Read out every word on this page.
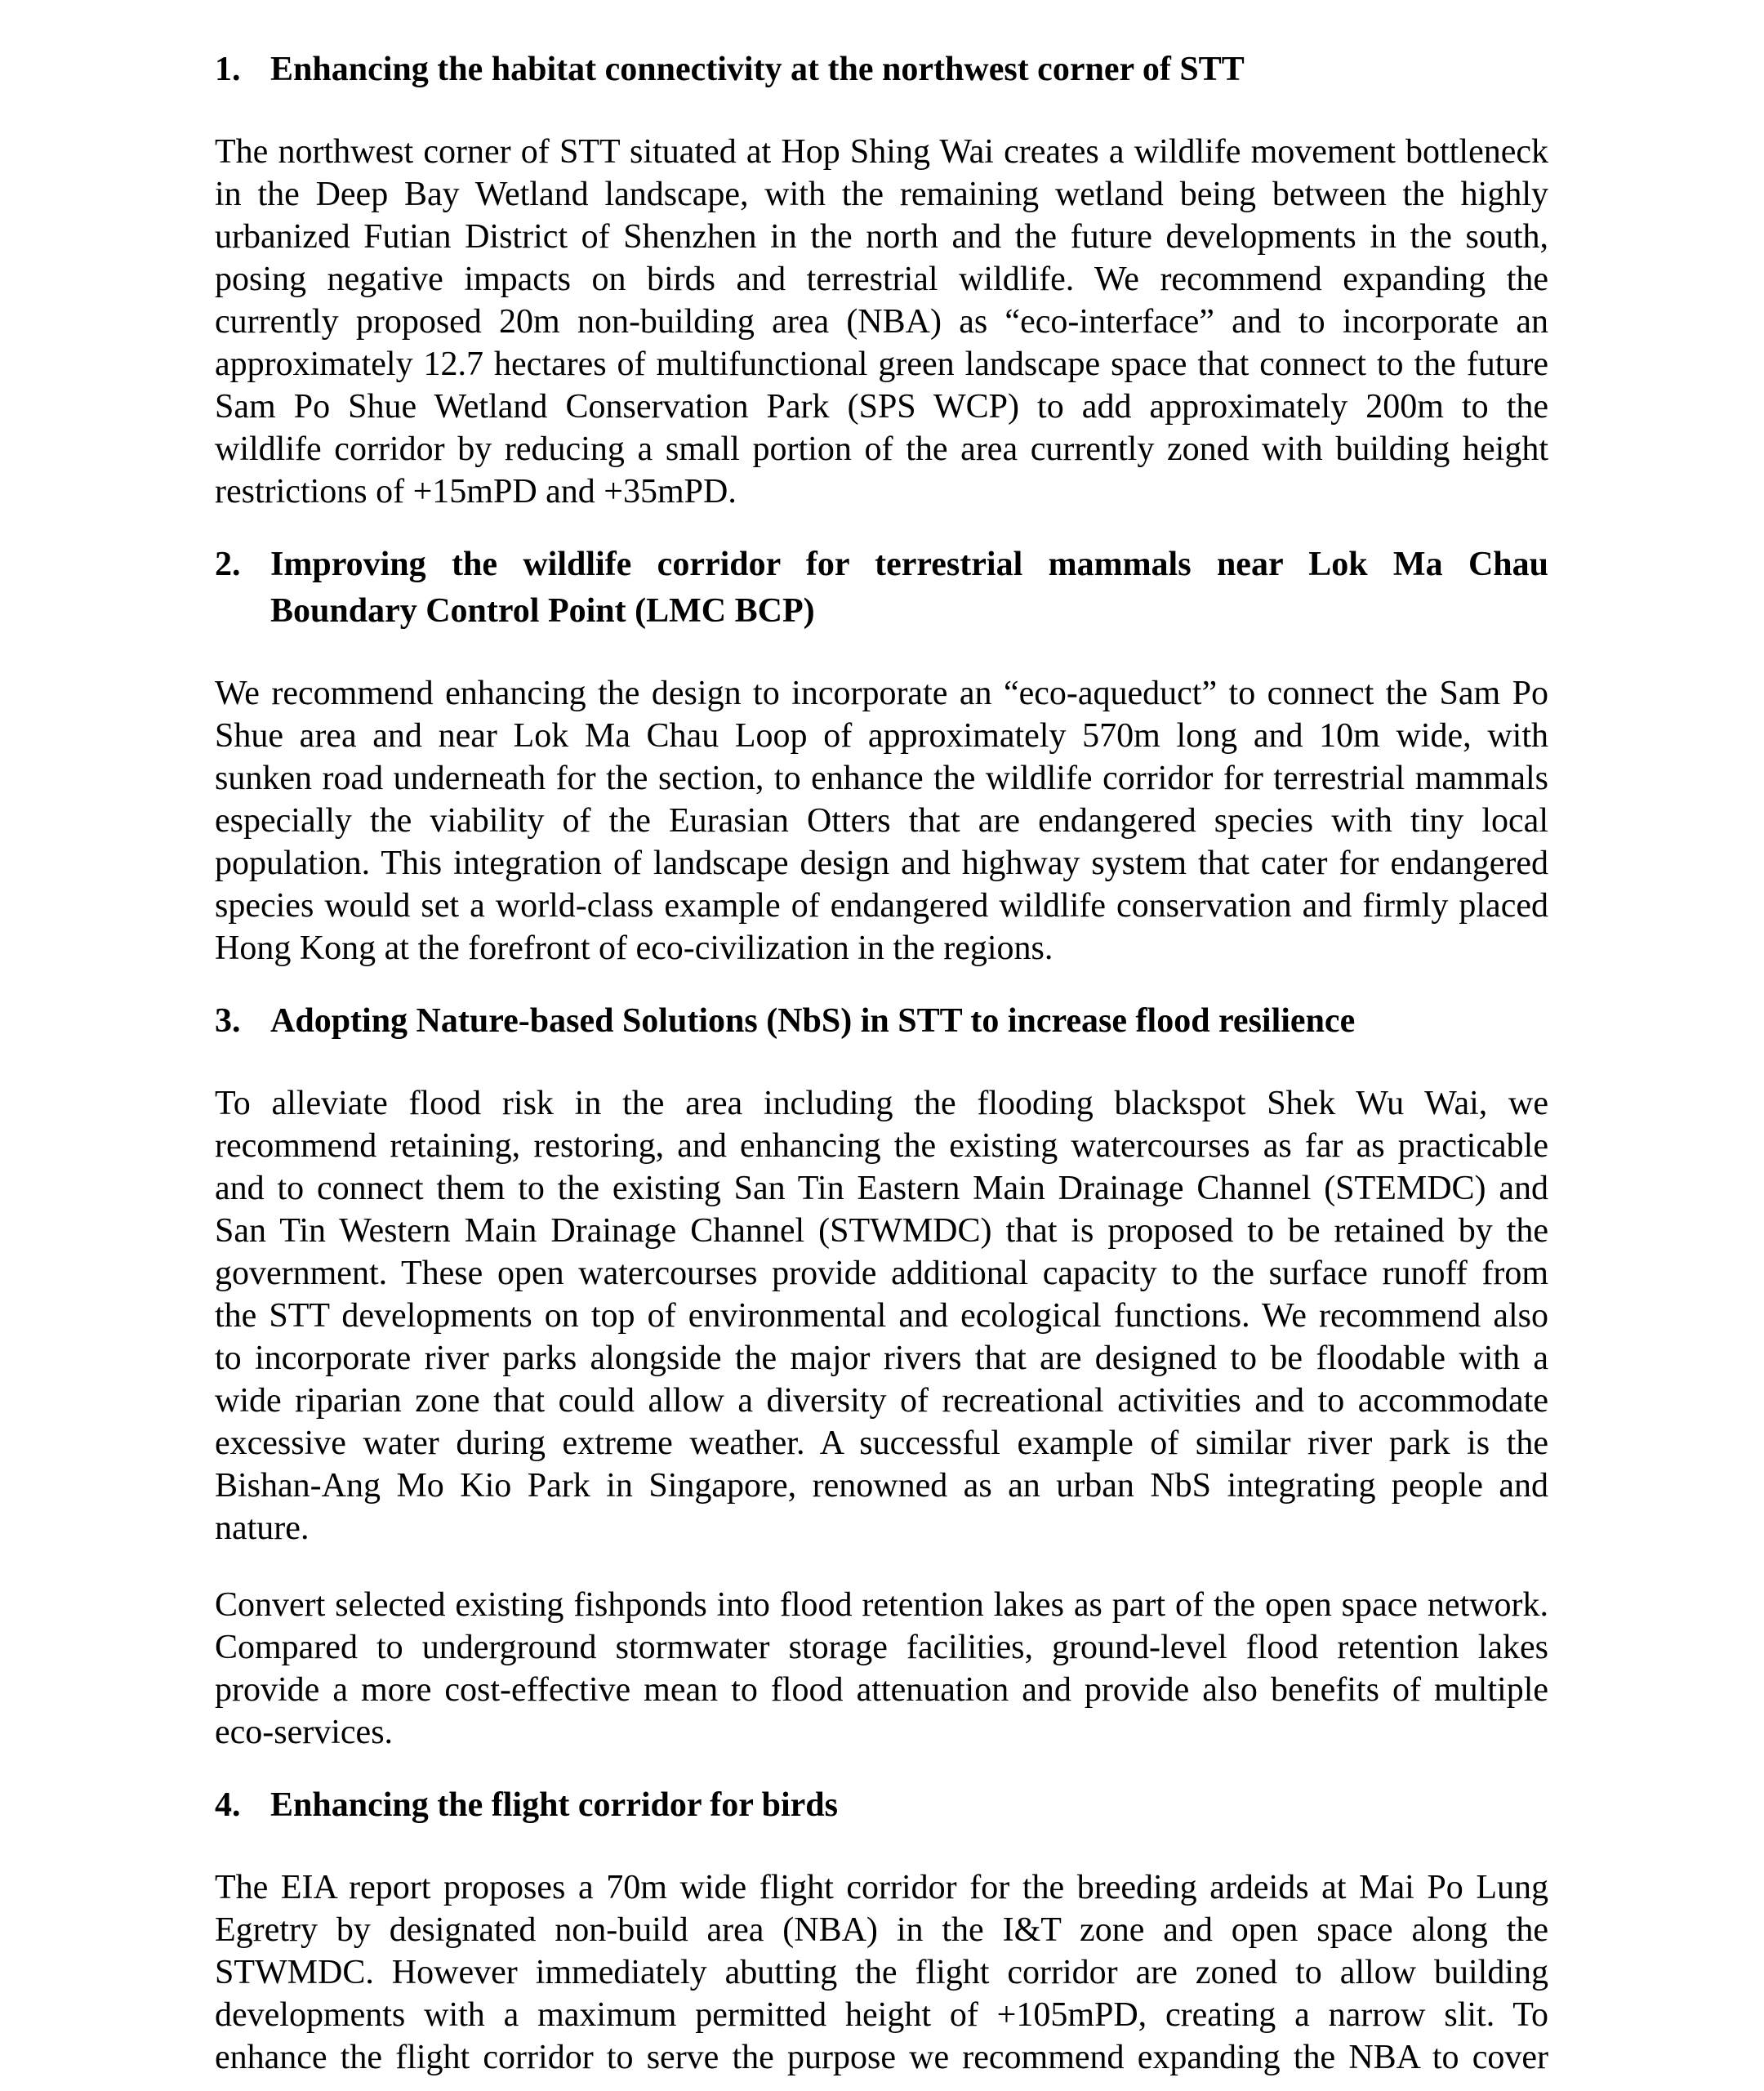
1. Enhancing the habitat connectivity at the northwest corner of STT
The northwest corner of STT situated at Hop Shing Wai creates a wildlife movement bottleneck
in the Deep Bay Wetland landscape, with the remaining wetland being between the highly
urbanized Futian District of Shenzhen in the north and the future developments in the south,
posing negative impacts on birds and terrestrial wildlife. We recommend expanding the
currently proposed 20m non-building area (NBA) as “eco-interface” and to incorporate an
approximately 12.7 hectares of multifunctional green landscape space that connect to the future
Sam Po Shue Wetland Conservation Park (SPS WCP) to add approximately 200m to the
wildlife corridor by reducing a small portion of the area currently zoned with building height
restrictions of +15mPD and +35mPD.
2. Improving the wildlife corridor for terrestrial mammals near Lok Ma Chau
Boundary Control Point (LMC BCP)
We recommend enhancing the design to incorporate an “eco-aqueduct” to connect the Sam Po
Shue area and near Lok Ma Chau Loop of approximately 570m long and 10m wide, with
sunken road underneath for the section, to enhance the wildlife corridor for terrestrial mammals
especially the viability of the Eurasian Otters that are endangered species with tiny local
population. This integration of landscape design and highway system that cater for endangered
species would set a world-class example of endangered wildlife conservation and firmly placed
Hong Kong at the forefront of eco-civilization in the regions.
3. Adopting Nature-based Solutions (NbS) in STT to increase flood resilience
To alleviate flood risk in the area including the flooding blackspot Shek Wu Wai, we
recommend retaining, restoring, and enhancing the existing watercourses as far as practicable
and to connect them to the existing San Tin Eastern Main Drainage Channel (STEMDC) and
San Tin Western Main Drainage Channel (STWMDC) that is proposed to be retained by the
government. These open watercourses provide additional capacity to the surface runoff from
the STT developments on top of environmental and ecological functions. We recommend also
to incorporate river parks alongside the major rivers that are designed to be floodable with a
wide riparian zone that could allow a diversity of recreational activities and to accommodate
excessive water during extreme weather. A successful example of similar river park is the
Bishan-Ang Mo Kio Park in Singapore, renowned as an urban NbS integrating people and
nature.
Convert selected existing fishponds into flood retention lakes as part of the open space network.
Compared to underground stormwater storage facilities, ground-level flood retention lakes
provide a more cost-effective mean to flood attenuation and provide also benefits of multiple
eco-services.
4. Enhancing the flight corridor for birds
The EIA report proposes a 70m wide flight corridor for the breeding ardeids at Mai Po Lung
Egretry by designated non-build area (NBA) in the I&T zone and open space along the
STWMDC. However immediately abutting the flight corridor are zoned to allow building
developments with a maximum permitted height of +105mPD, creating a narrow slit. To
enhance the flight corridor to serve the purpose we recommend expanding the NBA to cover
